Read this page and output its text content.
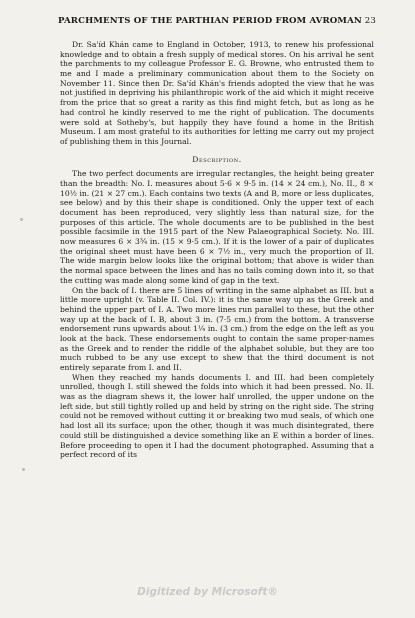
PARCHMENTS OF THE PARTHIAN PERIOD FROM AVROMAN 23

Dr. Sa'íd Khán came to England in October, 1913, to renew his professional knowledge and to obtain a fresh supply of medical stores. On his arrival he sent the parchments to my colleague Professor E. G. Browne, who entrusted them to me and I made a preliminary communication about them to the Society on November 11. Since then Dr. Sa'íd Khán's friends adopted the view that he was not justified in depriving his philanthropic work of the aid which it might receive from the price that so great a rarity as this find might fetch, but as long as he had control he kindly reserved to me the right of publication. The documents were sold at Sotheby's, but happily they have found a home in the British Museum. I am most grateful to its authorities for letting me carry out my project of publishing them in this Journal.

Description.

The two perfect documents are irregular rectangles, the height being greater than the breadth: No. I. measures about 5·6 × 9·5 in. (14 × 24 cm.), No. II., 8 × 10½ in. (21 × 27 cm.). Each contains two texts (A and B, more or less duplicates, see below) and by this their shape is conditioned. Only the upper text of each document has been reproduced, very slightly less than natural size, for the purposes of this article. The whole documents are to be published in the best possible facsimile in the 1915 part of the New Palaeographical Society. No. III. now measures 6 × 3¾ in. (15 × 9·5 cm.). If it is the lower of a pair of duplicates the original sheet must have been 6 × 7½ in., very much the proportion of II. The wide margin below looks like the original bottom; that above is wider than the normal space between the lines and has no tails coming down into it, so that the cutting was made along some kind of gap in the text.

On the back of I. there are 5 lines of writing in the same alphabet as III. but a little more upright (v. Table II. Col. IV.): it is the same way up as the Greek and behind the upper part of I. A. Two more lines run parallel to these, but the other way up at the back of I. B, about 3 in. (7·5 cm.) from the bottom. A transverse endorsement runs upwards about 1¼ in. (3 cm.) from the edge on the left as you look at the back. These endorsements ought to contain the same proper-names as the Greek and to render the riddle of the alphabet soluble, but they are too much rubbed to be any use except to shew that the third document is not entirely separate from I. and II.

When they reached my hands documents I. and III. had been completely unrolled, though I. still shewed the folds into which it had been pressed. No. II. was as the diagram shews it, the lower half unrolled, the upper undone on the left side, but still tightly rolled up and held by string on the right side. The string could not be removed without cutting it or breaking two mud seals, of which one had lost all its surface; upon the other, though it was much disintegrated, there could still be distinguished a device something like an E within a border of lines. Before proceeding to open it I had the document photographed. Assuming that a perfect record of its

Digitized by Microsoft®
